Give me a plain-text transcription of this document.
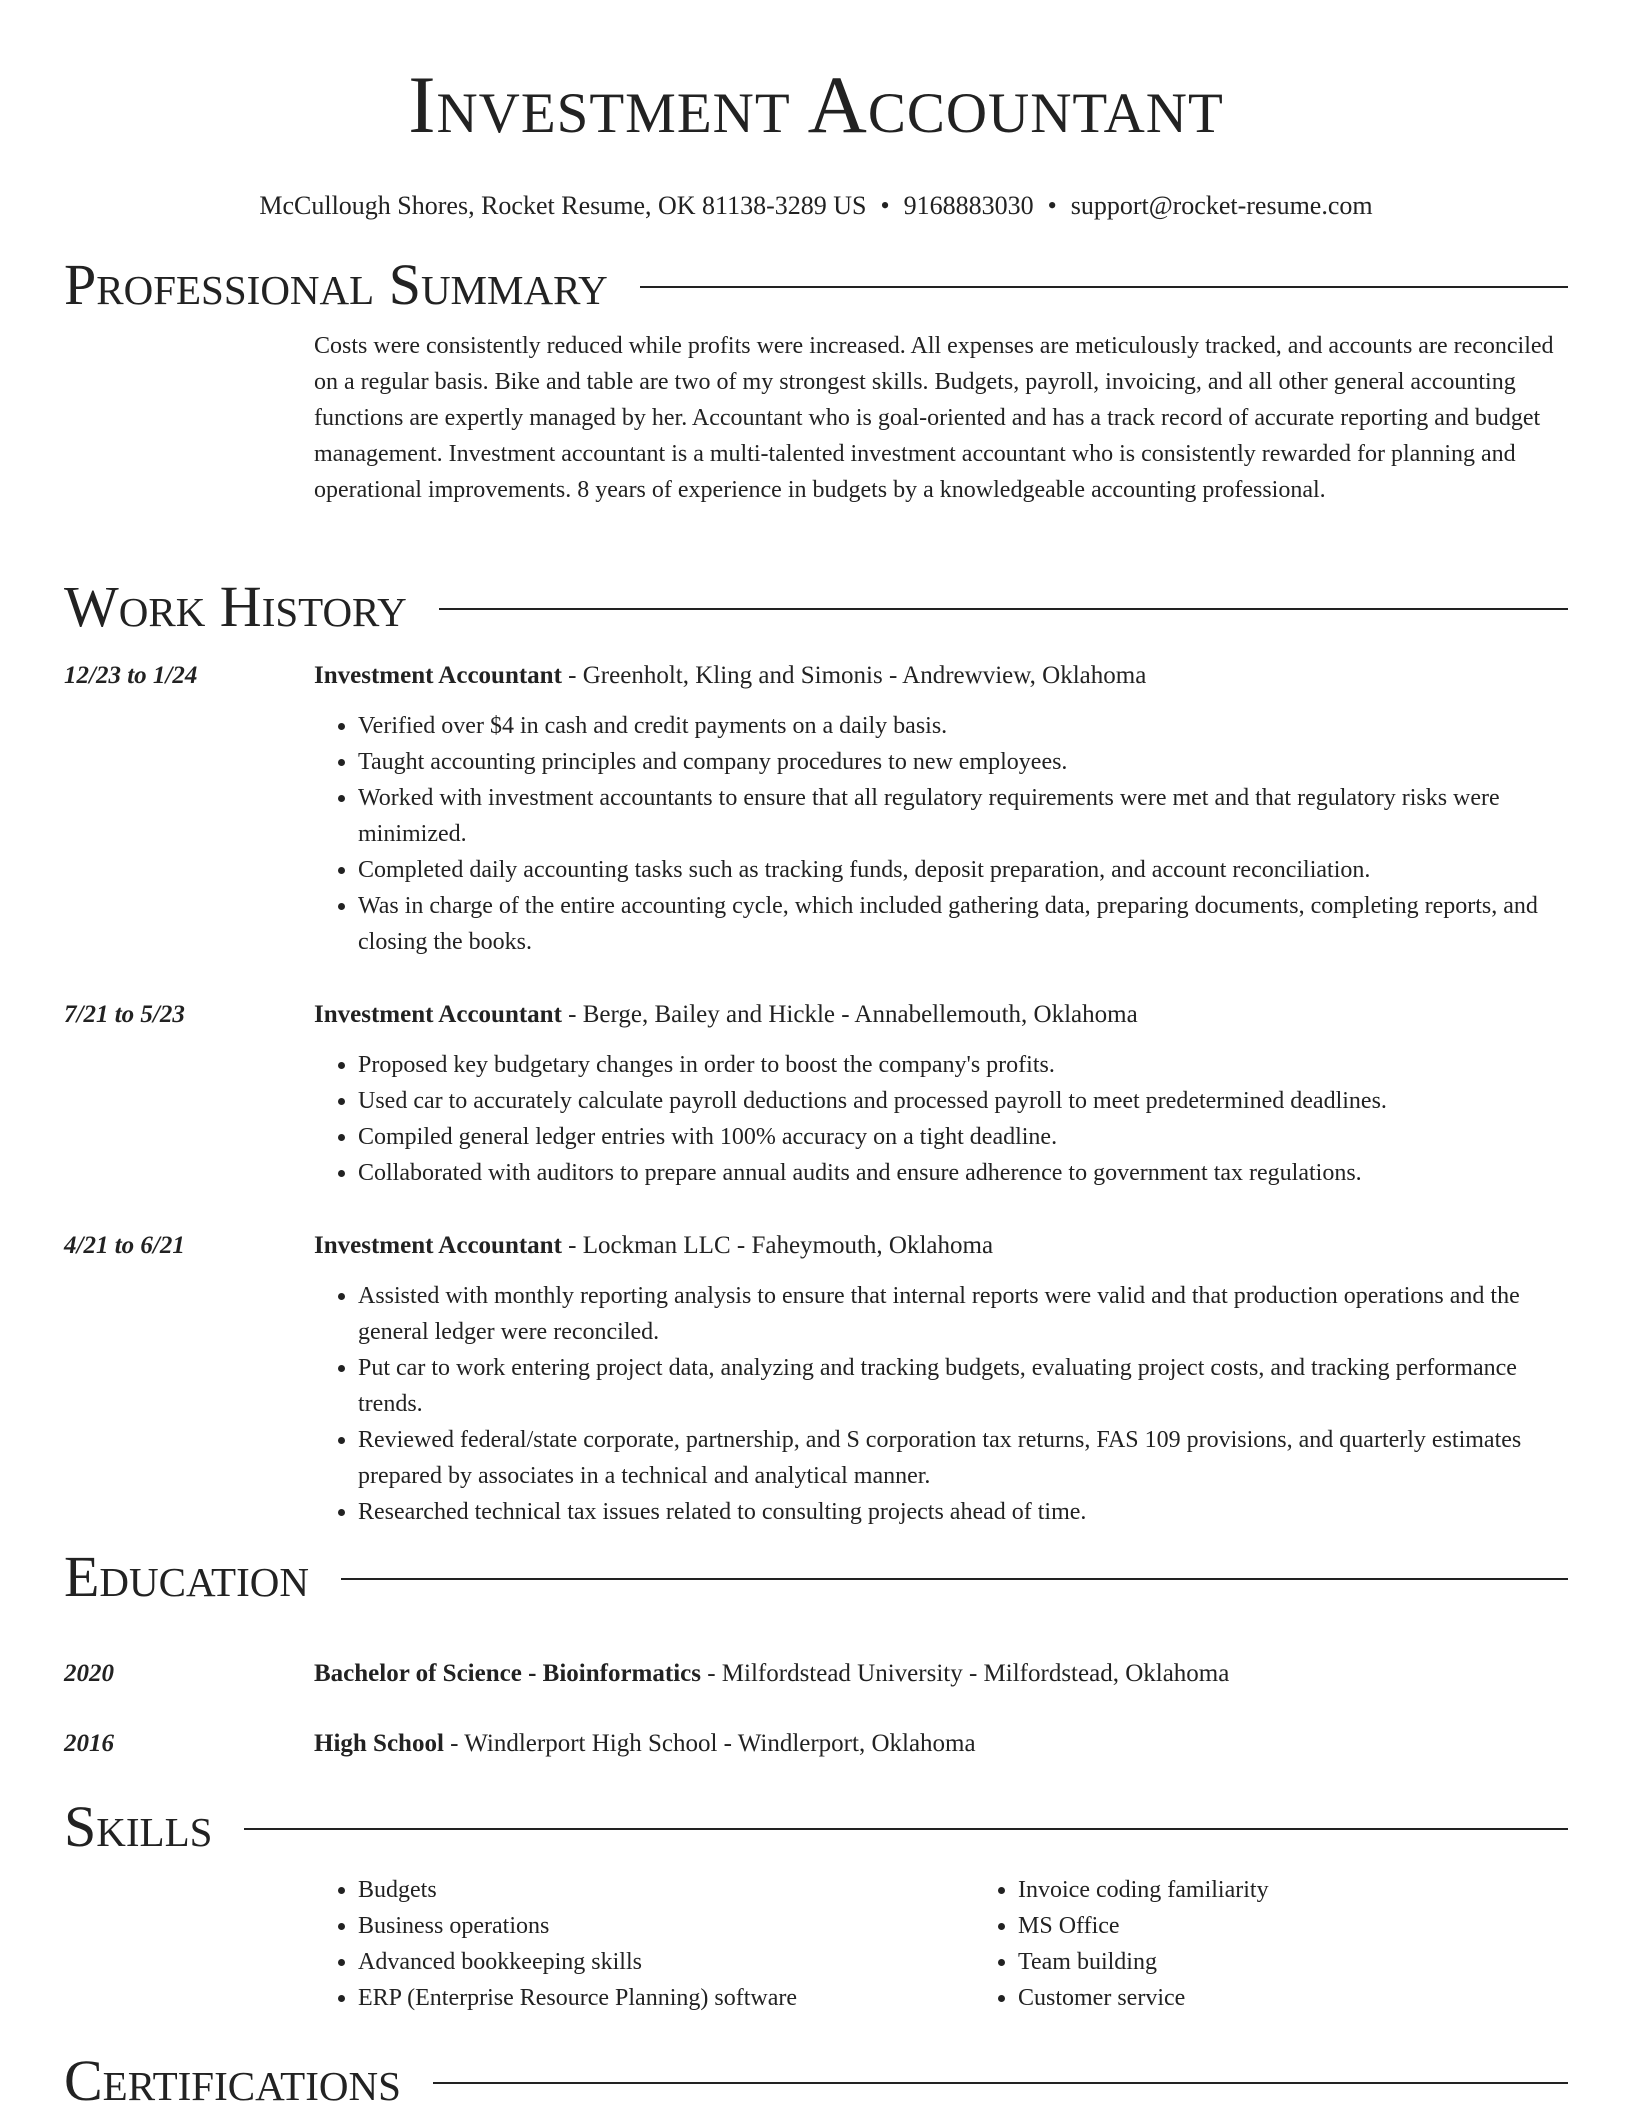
Investment Accountant
McCullough Shores, Rocket Resume, OK 81138-3289 US • 9168883030 • support@rocket-resume.com
Professional Summary

Costs were consistently reduced while profits were increased. All expenses are meticulously tracked, and accounts are reconciled on a regular basis. Bike and table are two of my strongest skills. Budgets, payroll, invoicing, and all other general accounting functions are expertly managed by her. Accountant who is goal-oriented and has a track record of accurate reporting and budget management. Investment accountant is a multi-talented investment accountant who is consistently rewarded for planning and operational improvements. 8 years of experience in budgets by a knowledgeable accounting professional.

Work History
12/23 to 1/24	Investment Accountant - Greenholt, Kling and Simonis - Andrewview, Oklahoma
• Verified over $4 in cash and credit payments on a daily basis.
• Taught accounting principles and company procedures to new employees.
• Worked with investment accountants to ensure that all regulatory requirements were met and that regulatory risks were minimized.
• Completed daily accounting tasks such as tracking funds, deposit preparation, and account reconciliation.
• Was in charge of the entire accounting cycle, which included gathering data, preparing documents, completing reports, and closing the books.
7/21 to 5/23	Investment Accountant - Berge, Bailey and Hickle - Annabellemouth, Oklahoma
• Proposed key budgetary changes in order to boost the company's profits.
• Used car to accurately calculate payroll deductions and processed payroll to meet predetermined deadlines.
• Compiled general ledger entries with 100% accuracy on a tight deadline.
• Collaborated with auditors to prepare annual audits and ensure adherence to government tax regulations.
4/21 to 6/21	Investment Accountant - Lockman LLC - Faheymouth, Oklahoma
• Assisted with monthly reporting analysis to ensure that internal reports were valid and that production operations and the general ledger were reconciled.
• Put car to work entering project data, analyzing and tracking budgets, evaluating project costs, and tracking performance trends.
• Reviewed federal/state corporate, partnership, and S corporation tax returns, FAS 109 provisions, and quarterly estimates prepared by associates in a technical and analytical manner.
• Researched technical tax issues related to consulting projects ahead of time.
Education
2020	Bachelor of Science - Bioinformatics - Milfordstead University - Milfordstead, Oklahoma
2016	High School - Windlerport High School - Windlerport, Oklahoma
Skills
• Budgets
• Business operations
• Advanced bookkeeping skills
• ERP (Enterprise Resource Planning) software
• Invoice coding familiarity
• MS Office
• Team building
• Customer service
Certifications
